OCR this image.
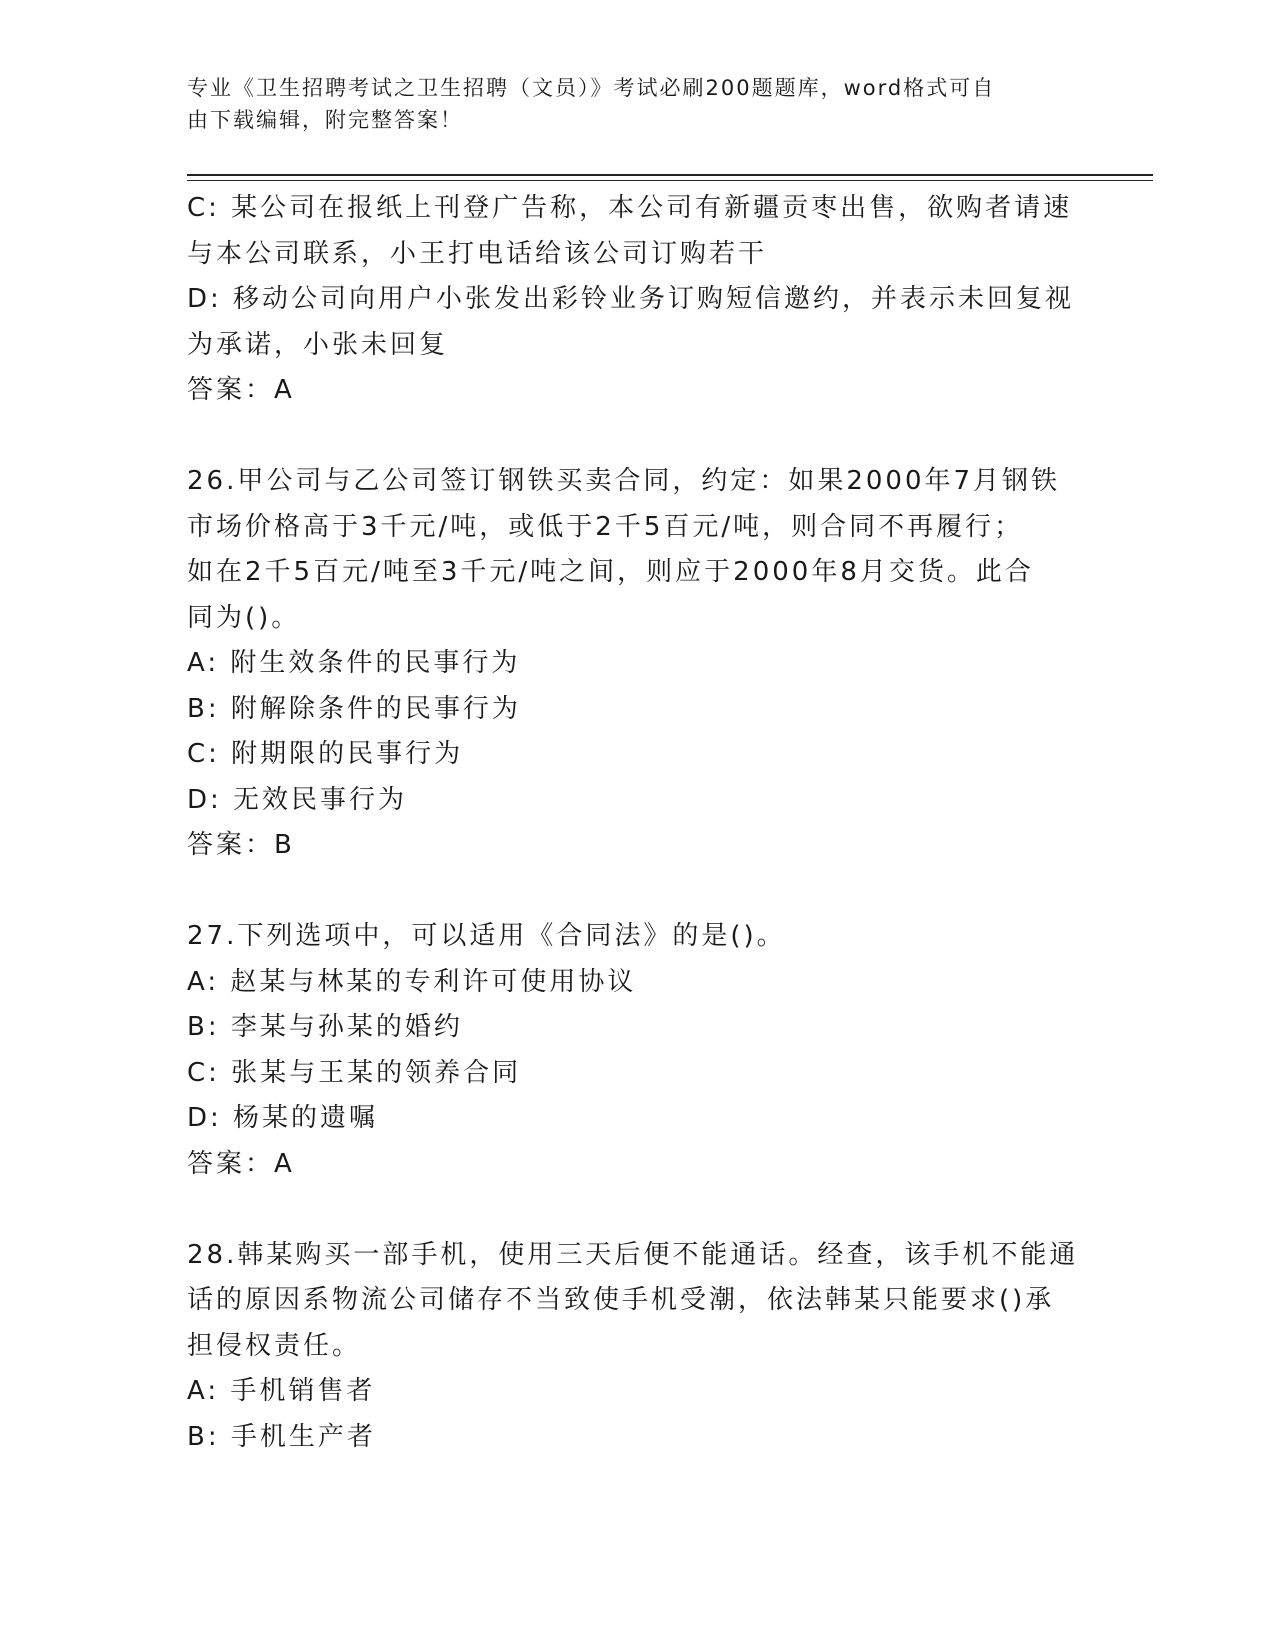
专业《卫生招聘考试之卫生招聘（文员）》考试必刷200题题库，word格式可自
由下载编辑，附完整答案！

C: 某公司在报纸上刊登广告称，本公司有新疆贡枣出售，欲购者请速

与本公司联系，小王打电话给该公司订购若干

D: 移动公司向用户小张发出彩铃业务订购短信邀约，并表示未回复视

为承诺，小张未回复

答案：A

26.甲公司与乙公司签订钢铁买卖合同，约定：如果2000年7月钢铁

市场价格高于3千元/吨，或低于2千5百元/吨，则合同不再履行；

如在2千5百元/吨至3千元/吨之间，则应于2000年8月交货。此合

同为()。

A: 附生效条件的民事行为

B: 附解除条件的民事行为

C: 附期限的民事行为

D: 无效民事行为

答案：B

27.下列选项中，可以适用《合同法》的是()。

A: 赵某与林某的专利许可使用协议

B: 李某与孙某的婚约

C: 张某与王某的领养合同

D: 杨某的遗嘱

答案：A

28.韩某购买一部手机，使用三天后便不能通话。经查，该手机不能通

话的原因系物流公司储存不当致使手机受潮，依法韩某只能要求()承

担侵权责任。

A: 手机销售者

B: 手机生产者
